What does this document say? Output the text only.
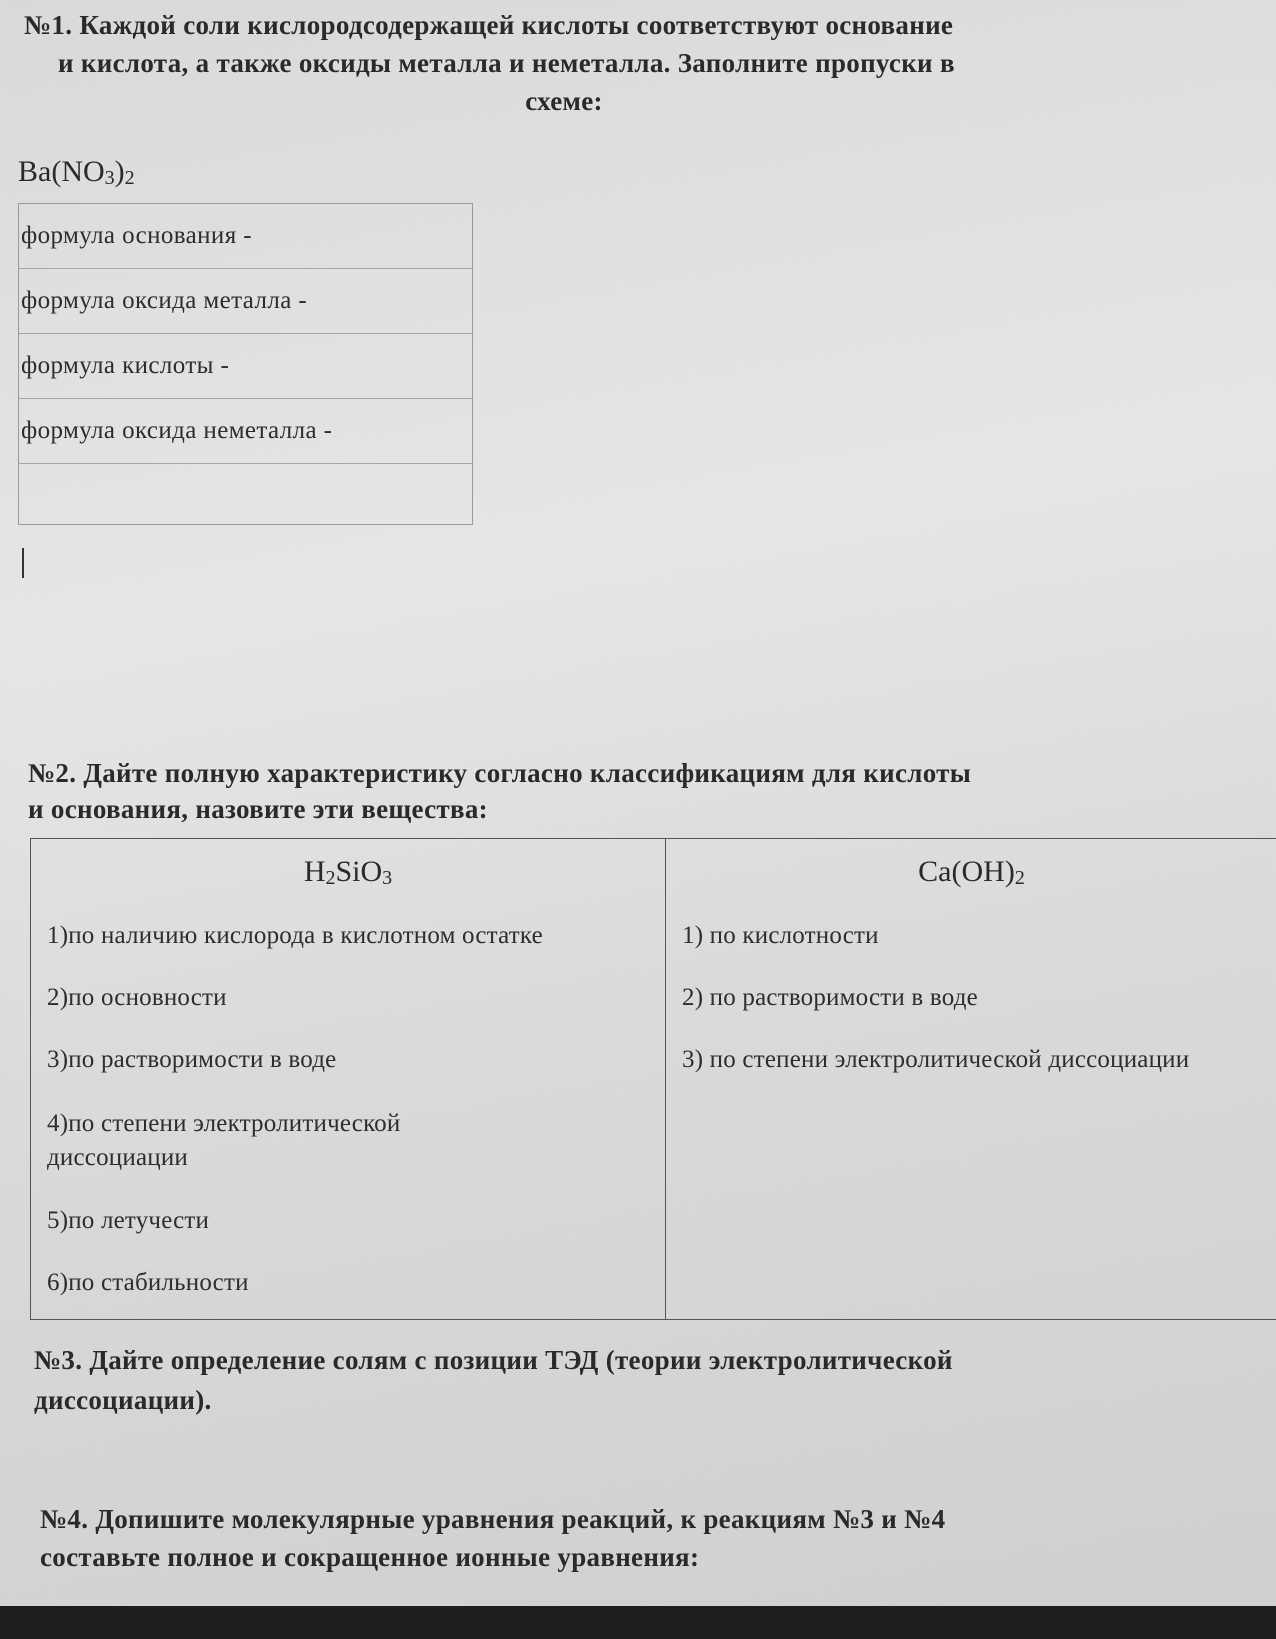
№1. Каждой соли кислородсодержащей кислоты соответствуют основание
и кислота, а также оксиды металла и неметалла. Заполните пропуски в
схеме:
$Ba(NO_3)_2$
формула основания -
формула оксида металла -
формула кислоты -
формула оксида неметалла -

№2. Дайте полную характеристику согласно классификациям для кислоты
и основания, назовите эти вещества:
$H_2SiO_3$
1)по наличию кислорода в кислотном остатке
2)по основности
3)по растворимости в воде
4)по степени электролитической диссоциации
5)по летучести
6)по стабильности
$Ca(OH)_2$
1) по кислотности
2) по растворимости в воде
3) по степени электролитической диссоциации
№3. Дайте определение солям с позиции ТЭД (теории электролитической
диссоциации).
№4. Допишите молекулярные уравнения реакций, к реакциям №3 и №4
составьте полное и сокращенное ионные уравнения:
